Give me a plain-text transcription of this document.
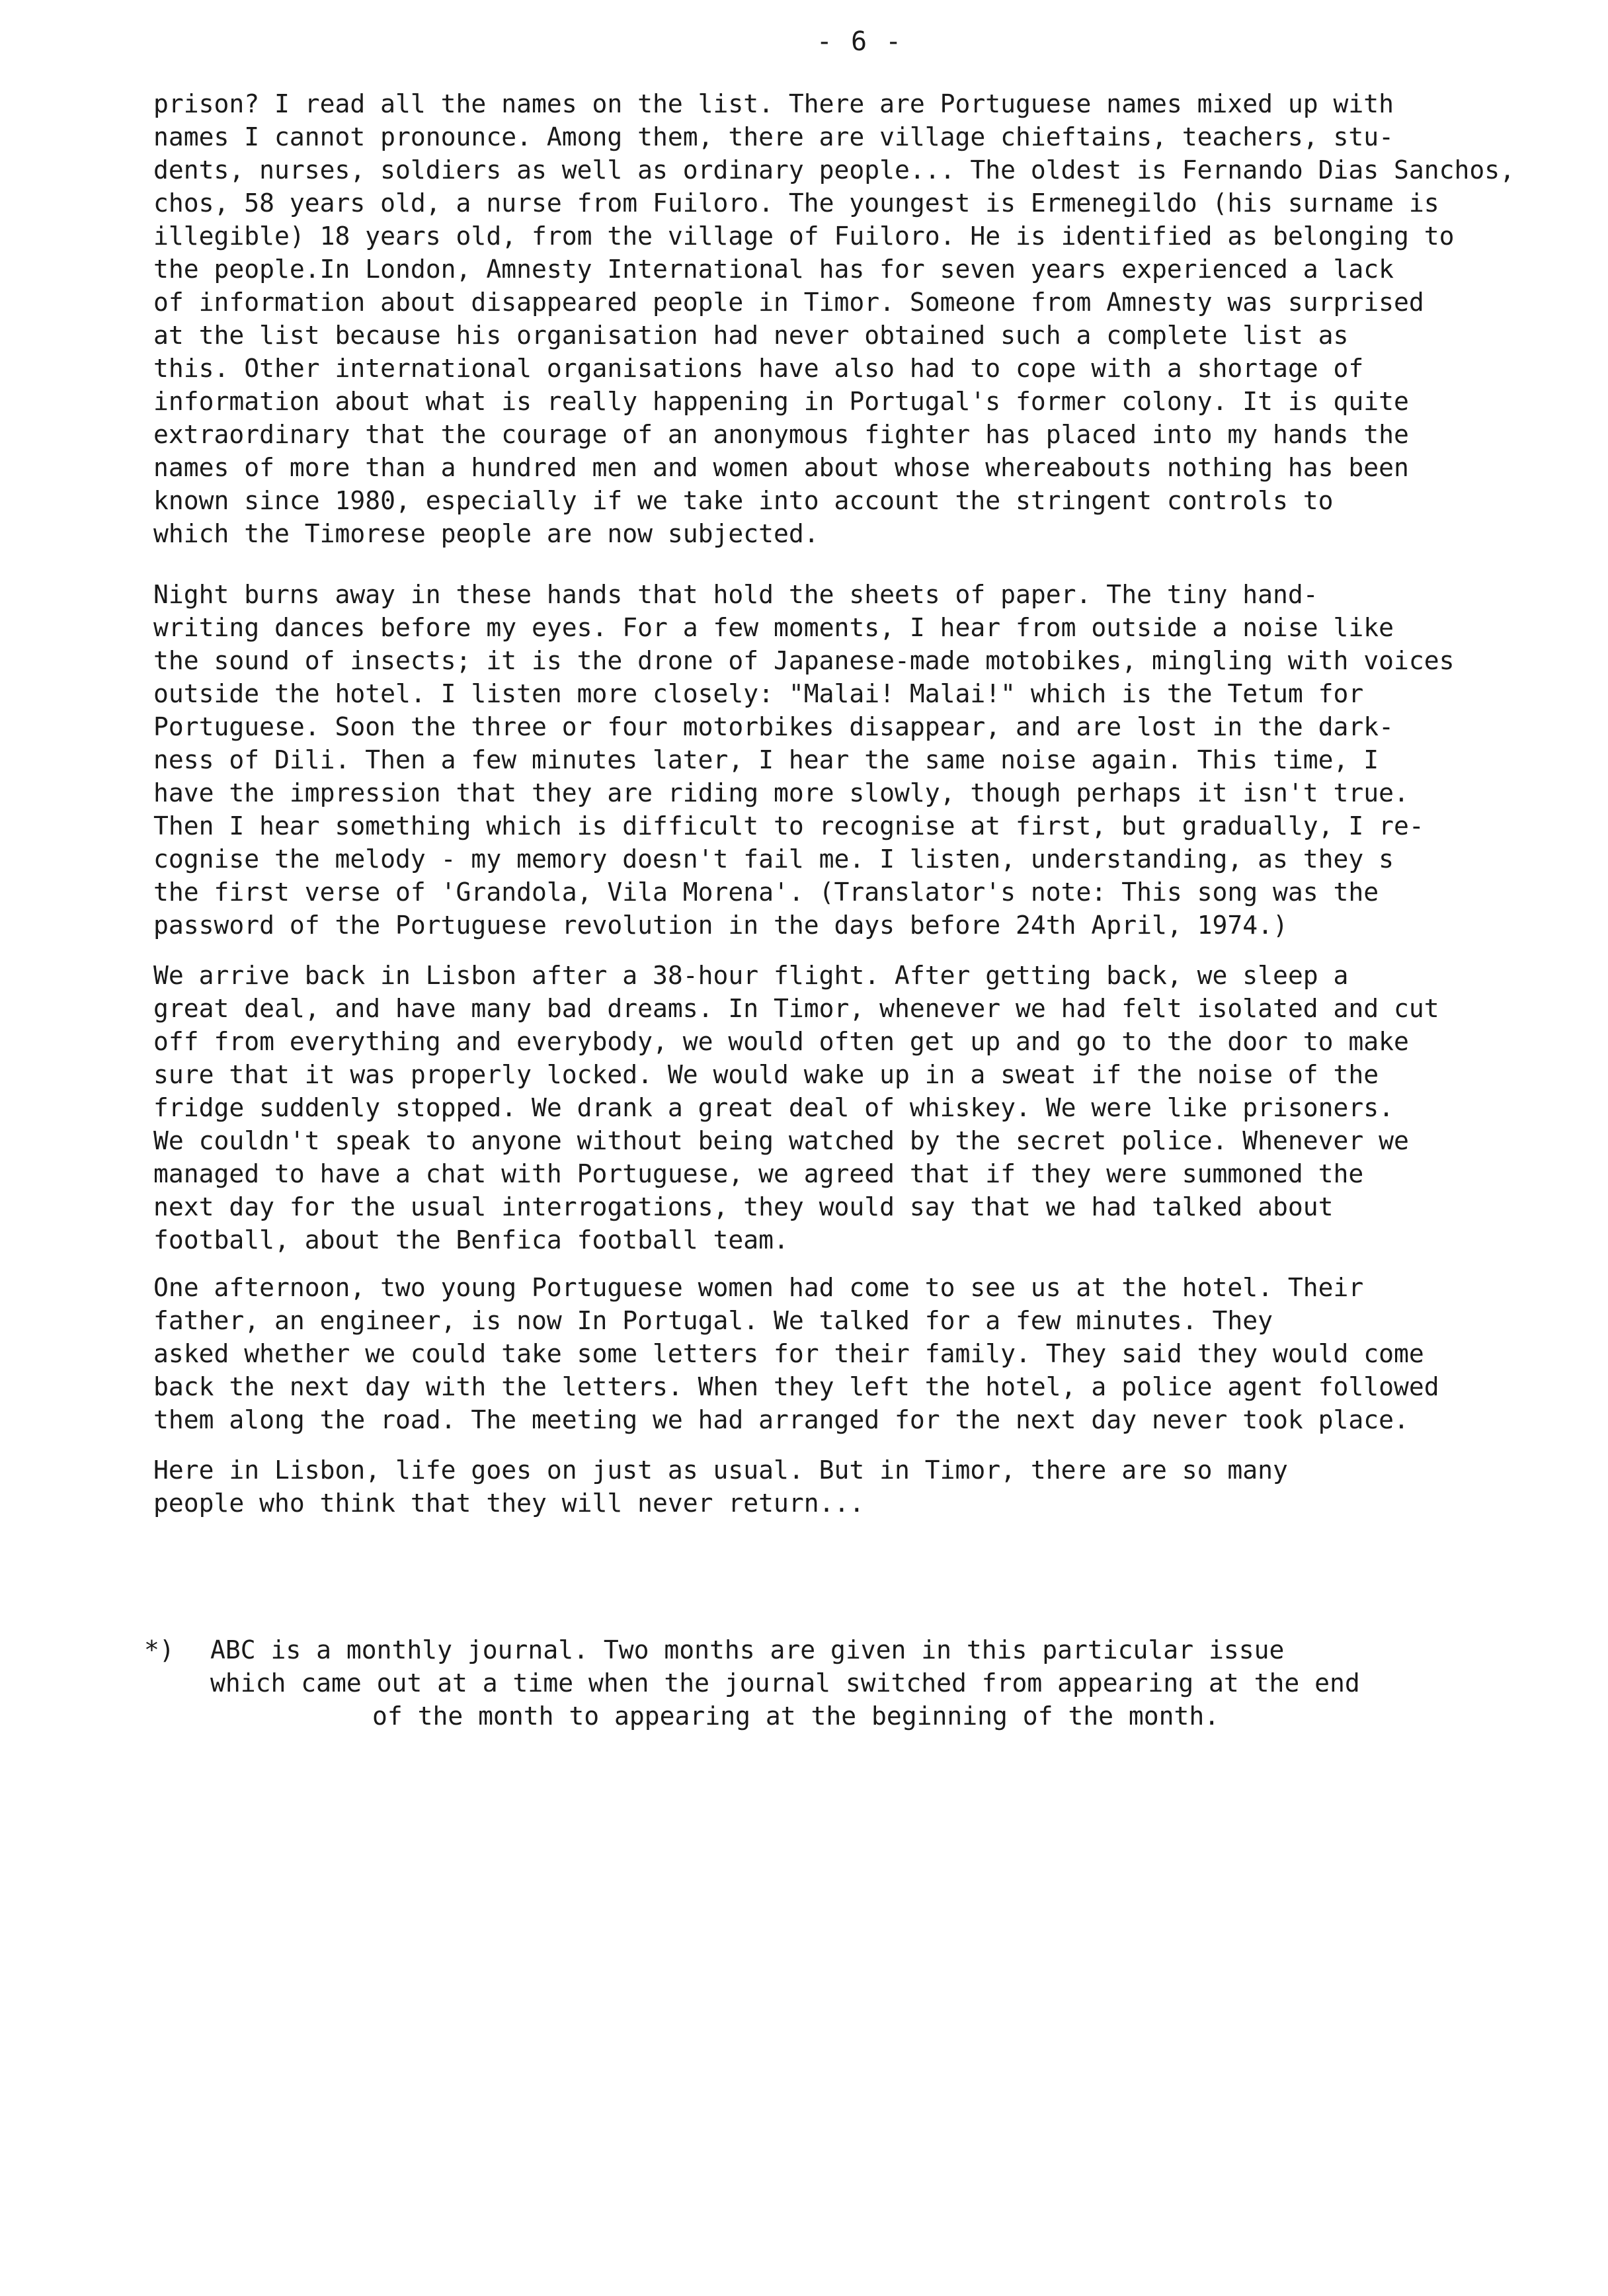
- 6 -
prison? I read all the names on the list. There are Portuguese names mixed up with
names I cannot pronounce. Among them, there are village chieftains, teachers, stu-
dents, nurses, soldiers as well as ordinary people... The oldest is Fernando Dias Sanchos,
chos, 58 years old, a nurse from Fuiloro. The youngest is Ermenegildo (his surname is
illegible) 18 years old, from the village of Fuiloro. He is identified as belonging to
the people.In London, Amnesty International has for seven years experienced a lack
of information about disappeared people in Timor. Someone from Amnesty was surprised
at the list because his organisation had never obtained such a complete list as
this. Other international organisations have also had to cope with a shortage of
information about what is really happening in Portugal's former colony. It is quite
extraordinary that the courage of an anonymous fighter has placed into my hands the
names of more than a hundred men and women about whose whereabouts nothing has been
known since 1980, especially if we take into account the stringent controls to
which the Timorese people are now subjected.
Night burns away in these hands that hold the sheets of paper. The tiny hand-
writing dances before my eyes. For a few moments, I hear from outside a noise like
the sound of insects; it is the drone of Japanese-made motobikes, mingling with voices
outside the hotel. I listen more closely: "Malai! Malai!" which is the Tetum for
Portuguese. Soon the three or four motorbikes disappear, and are lost in the dark-
ness of Dili. Then a few minutes later, I hear the same noise again. This time, I
have the impression that they are riding more slowly, though perhaps it isn't true.
Then I hear something which is difficult to recognise at first, but gradually, I re-
cognise the melody - my memory doesn't fail me. I listen, understanding, as they s
the first verse of 'Grandola, Vila Morena'. (Translator's note: This song was the
password of the Portuguese revolution in the days before 24th April, 1974.)
We arrive back in Lisbon after a 38-hour flight. After getting back, we sleep a
great deal, and have many bad dreams. In Timor, whenever we had felt isolated and cut
off from everything and everybody, we would often get up and go to the door to make
sure that it was properly locked. We would wake up in a sweat if the noise of the
fridge suddenly stopped. We drank a great deal of whiskey. We were like prisoners.
We couldn't speak to anyone without being watched by the secret police. Whenever we
managed to have a chat with Portuguese, we agreed that if they were summoned the
next day for the usual interrogations, they would say that we had talked about
football, about the Benfica football team.
One afternoon, two young Portuguese women had come to see us at the hotel. Their
father, an engineer, is now In Portugal. We talked for a few minutes. They
asked whether we could take some letters for their family. They said they would come
back the next day with the letters. When they left the hotel, a police agent followed
them along the road. The meeting we had arranged for the next day never took place.
Here in Lisbon, life goes on just as usual. But in Timor, there are so many
people who think that they will never return...
*) ABC is a monthly journal. Two months are given in this particular issue
which came out at a time when the journal switched from appearing at the end
of the month to appearing at the beginning of the month.
